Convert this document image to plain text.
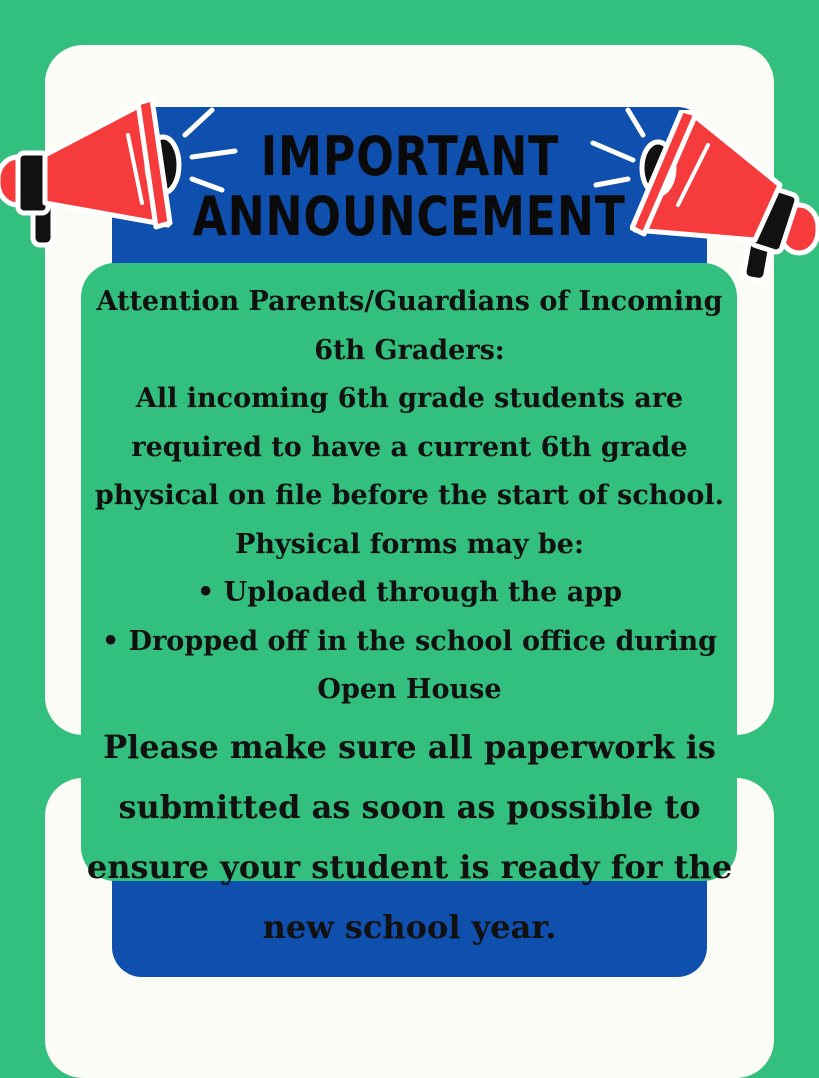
IMPORTANT
ANNOUNCEMENT
Attention Parents/Guardians of Incoming
6th Graders:
All incoming 6th grade students are
required to have a current 6th grade
physical on file before the start of school.
Physical forms may be:
• Uploaded through the app
• Dropped off in the school office during
Open House
Please make sure all paperwork is
submitted as soon as possible to
ensure your student is ready for the
new school year.
